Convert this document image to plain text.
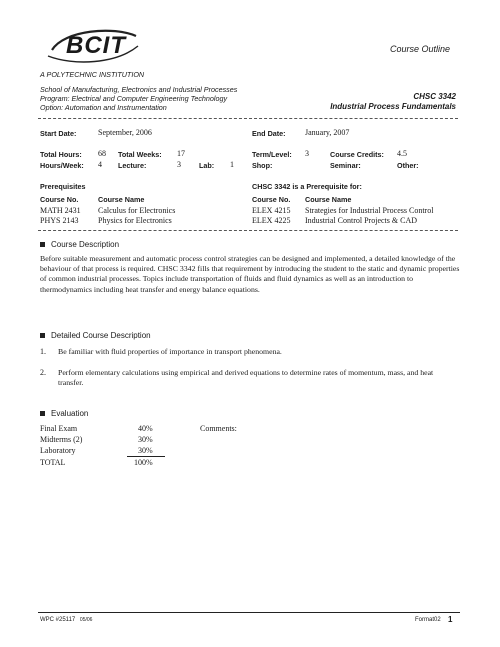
BCIT	Course Outline
A POLYTECHNIC INSTITUTION
School of Manufacturing, Electronics and Industrial Processes
Program: Electrical and Computer Engineering Technology
Option: Automation and Instrumentation
CHSC 3342
Industrial Process Fundamentals
Start Date:	September, 2006	End Date: January, 2007
Total Hours: 68 Total Weeks: 17	Term/Level: 3	Course Credits: 4.5
Hours/Week: 4 Lecture:	3	Lab: 1	Shop:	Seminar:	Other:
Prerequisites
Course No.	Course Name
MATH 2431 Calculus for Electronics
PHYS 2143 Physics for Electronics
CHSC 3342 is a Prerequisite for:
Course No. Course Name
ELEX 4215 Strategies for Industrial Process Control
ELEX 4225 Industrial Control Projects & CAD
Course Description
Before suitable measurement and automatic process control strategies can be designed and implemented, a detailed knowledge of the behaviour of that process is required. CHSC 3342 fills that requirement by introducing the student to the static and dynamic properties of common industrial processes. Topics include transportation of fluids and fluid dynamics as well as an introduction to thermodynamics including heat transfer and energy balance equations.
Detailed Course Description
1. Be familiar with fluid properties of importance in transport phenomena.
2. Perform elementary calculations using empirical and derived equations to determine rates of momentum, mass, and heat transfer.
Evaluation
Final Exam	40%
Midterms (2)	30%
Laboratory	30%
TOTAL	100%
Comments:
WPC #25117 05/06	Format02 1
